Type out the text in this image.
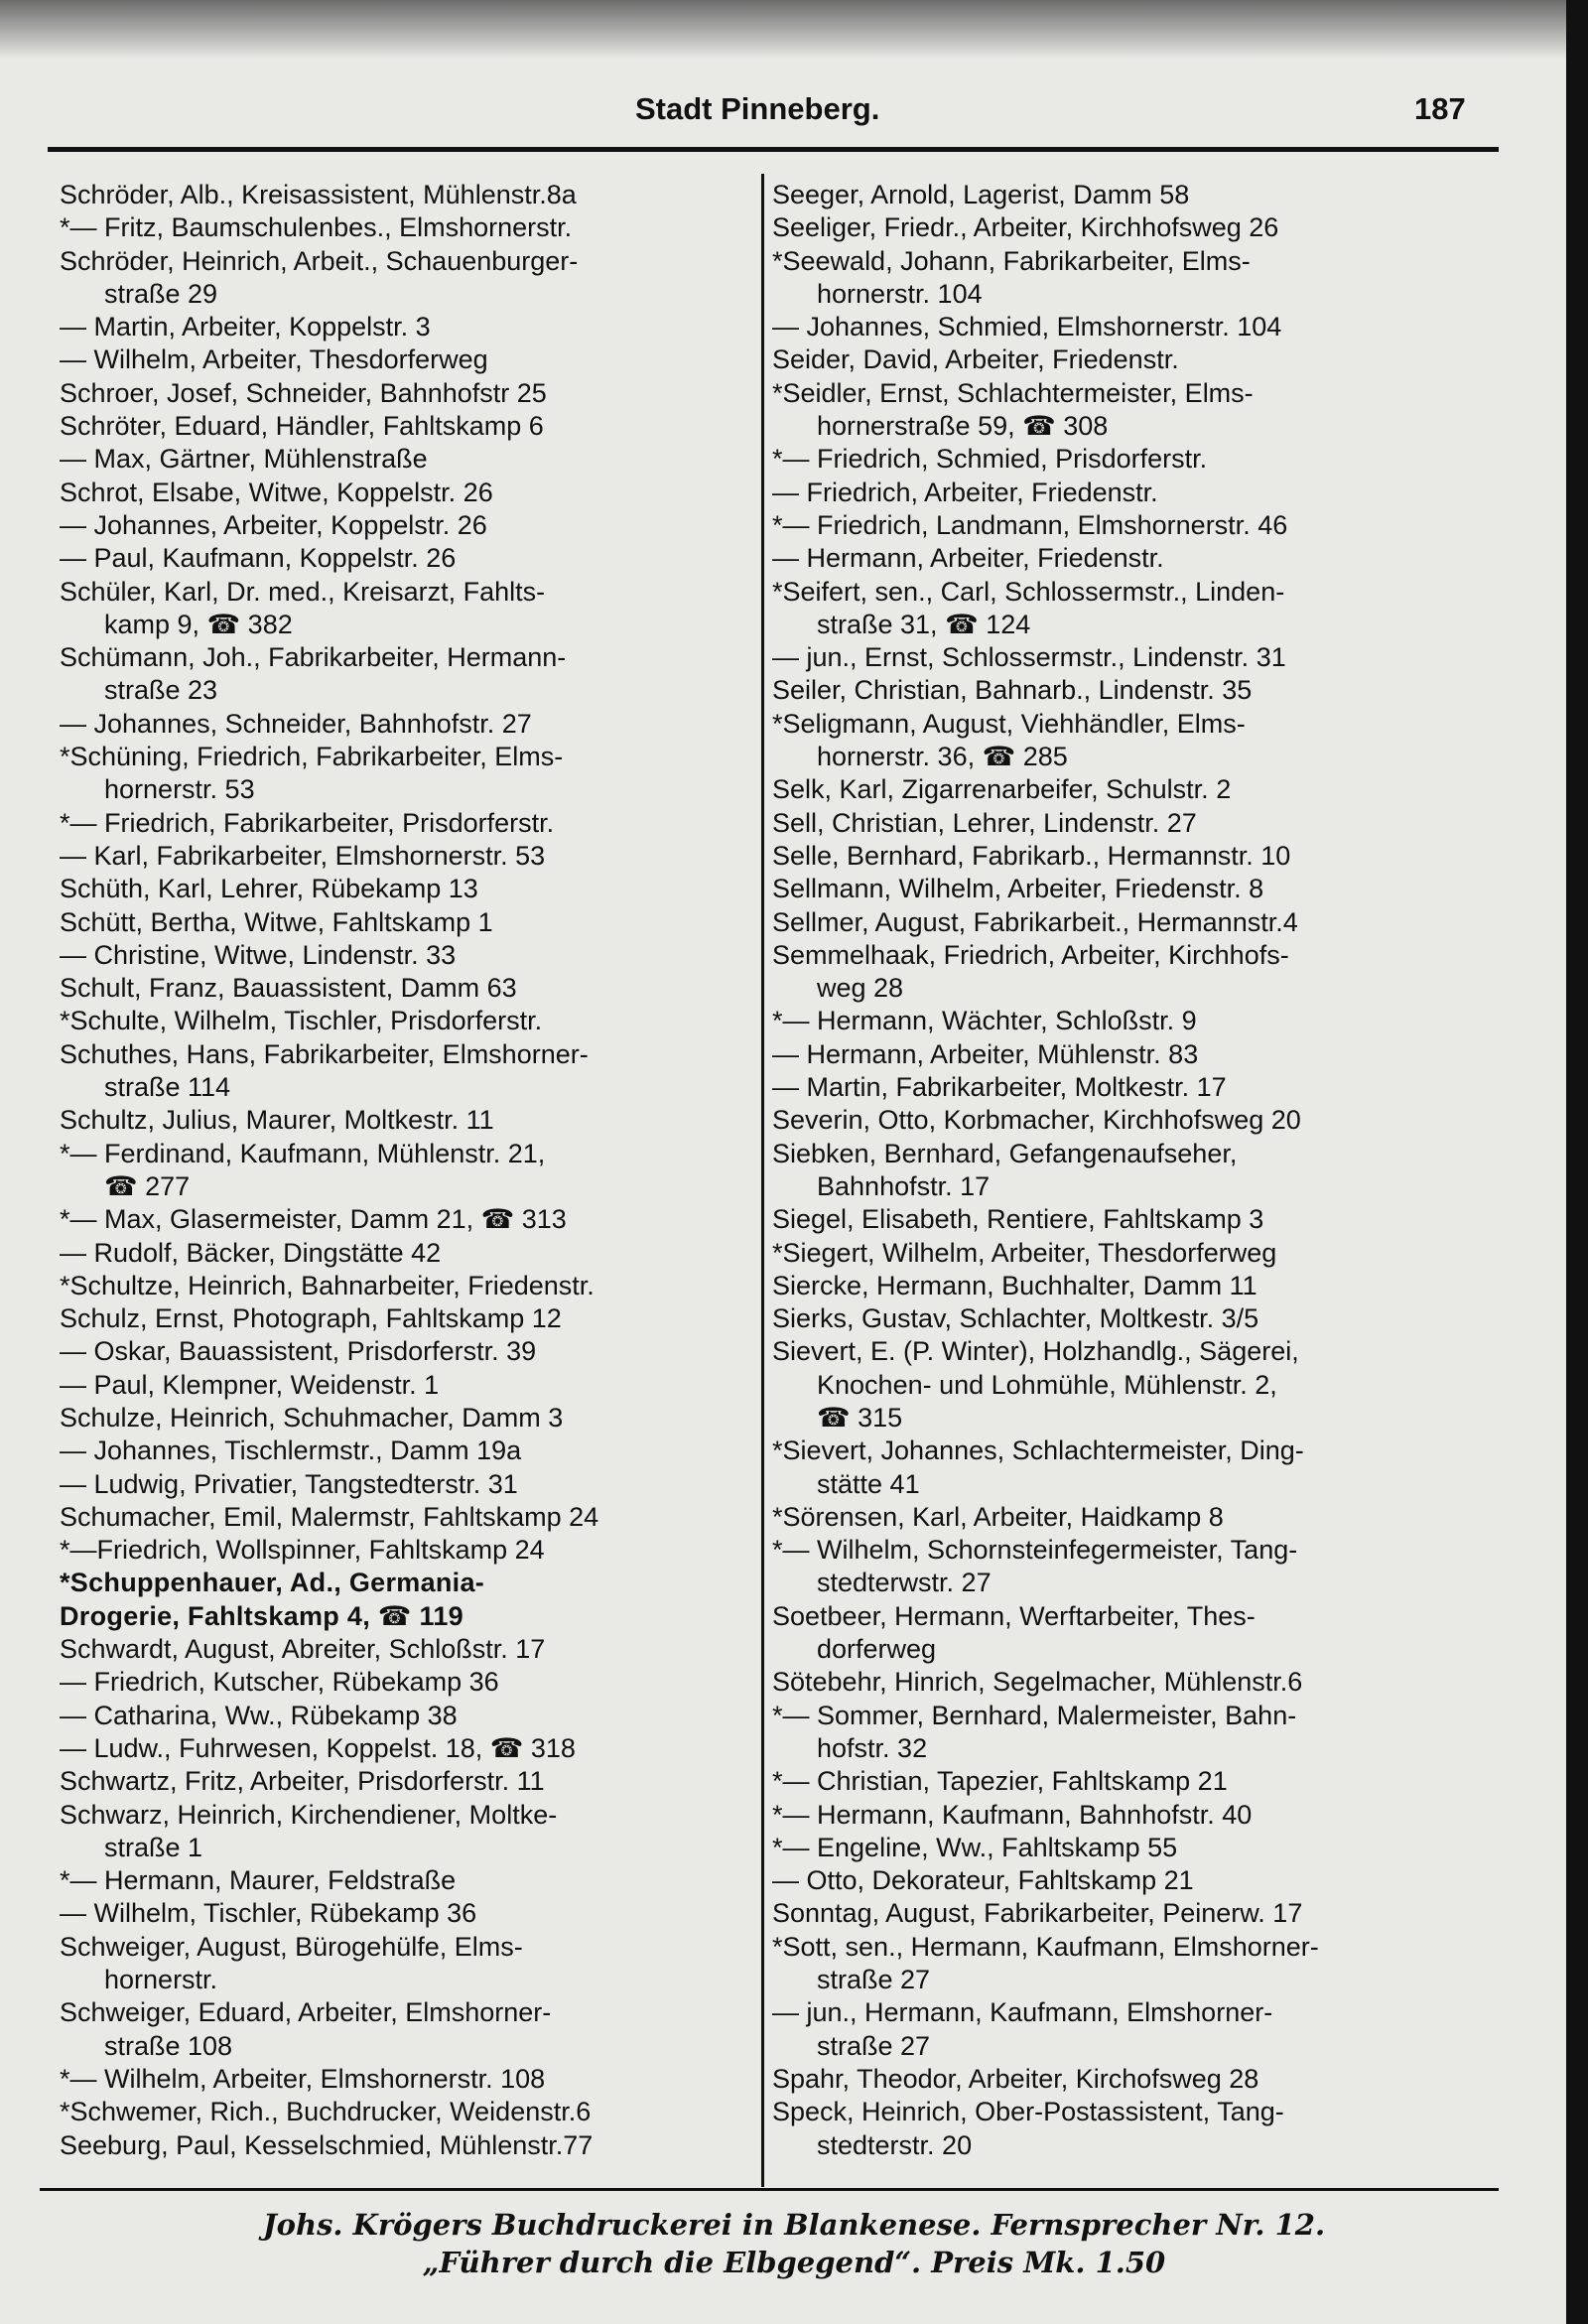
Stadt Pinneberg.	187
Schröder, Alb., Kreisassistent, Mühlenstr.8a
*— Fritz, Baumschulenbes., Elmshornerstr.
Schröder, Heinrich, Arbeit., Schauenburger-
straße 29
— Martin, Arbeiter, Koppelstr. 3
— Wilhelm, Arbeiter, Thesdorferweg
Schroer, Josef, Schneider, Bahnhofstr 25
Schröter, Eduard, Händler, Fahltskamp 6
— Max, Gärtner, Mühlenstraße
Schrot, Elsabe, Witwe, Koppelstr. 26
— Johannes, Arbeiter, Koppelstr. 26
— Paul, Kaufmann, Koppelstr. 26
Schüler, Karl, Dr. med., Kreisarzt, Fahlts-
kamp 9, ☎ 382
Schümann, Joh., Fabrikarbeiter, Hermann-
straße 23
— Johannes, Schneider, Bahnhofstr. 27
*Schüning, Friedrich, Fabrikarbeiter, Elms-
hornerstr. 53
*— Friedrich, Fabrikarbeiter, Prisdorferstr.
— Karl, Fabrikarbeiter, Elmshornerstr. 53
Schüth, Karl, Lehrer, Rübekamp 13
Schütt, Bertha, Witwe, Fahltskamp 1
— Christine, Witwe, Lindenstr. 33
Schult, Franz, Bauassistent, Damm 63
*Schulte, Wilhelm, Tischler, Prisdorferstr.
Schuthes, Hans, Fabrikarbeiter, Elmshorner-
straße 114
Schultz, Julius, Maurer, Moltkestr. 11
*— Ferdinand, Kaufmann, Mühlenstr. 21,
☎ 277
*— Max, Glasermeister, Damm 21, ☎ 313
— Rudolf, Bäcker, Dingstätte 42
*Schultze, Heinrich, Bahnarbeiter, Friedenstr.
Schulz, Ernst, Photograph, Fahltskamp 12
— Oskar, Bauassistent, Prisdorferstr. 39
— Paul, Klempner, Weidenstr. 1
Schulze, Heinrich, Schuhmacher, Damm 3
— Johannes, Tischlermstr., Damm 19a
— Ludwig, Privatier, Tangstedterstr. 31
Schumacher, Emil, Malermstr, Fahltskamp 24
*—Friedrich, Wollspinner, Fahltskamp 24
*Schuppenhauer, Ad., Germania-
Drogerie, Fahltskamp 4, ☎ 119
Schwardt, August, Abreiter, Schloßstr. 17
— Friedrich, Kutscher, Rübekamp 36
— Catharina, Ww., Rübekamp 38
— Ludw., Fuhrwesen, Koppelst. 18, ☎ 318
Schwartz, Fritz, Arbeiter, Prisdorferstr. 11
Schwarz, Heinrich, Kirchendiener, Moltke-
straße 1
*— Hermann, Maurer, Feldstraße
— Wilhelm, Tischler, Rübekamp 36
Schweiger, August, Bürogehülfe, Elms-
hornerstr.
Schweiger, Eduard, Arbeiter, Elmshorner-
straße 108
*— Wilhelm, Arbeiter, Elmshornerstr. 108
*Schwemer, Rich., Buchdrucker, Weidenstr.6
Seeburg, Paul, Kesselschmied, Mühlenstr.77
Seeger, Arnold, Lagerist, Damm 58
Seeliger, Friedr., Arbeiter, Kirchhofsweg 26
*Seewald, Johann, Fabrikarbeiter, Elms-
hornerstr. 104
— Johannes, Schmied, Elmshornerstr. 104
Seider, David, Arbeiter, Friedenstr.
*Seidler, Ernst, Schlachtermeister, Elms-
hornerstraße 59, ☎ 308
*— Friedrich, Schmied, Prisdorferstr.
— Friedrich, Arbeiter, Friedenstr.
*— Friedrich, Landmann, Elmshornerstr. 46
— Hermann, Arbeiter, Friedenstr.
*Seifert, sen., Carl, Schlossermstr., Linden-
straße 31, ☎ 124
— jun., Ernst, Schlossermstr., Lindenstr. 31
Seiler, Christian, Bahnarb., Lindenstr. 35
*Seligmann, August, Viehhändler, Elms-
hornerstr. 36, ☎ 285
Selk, Karl, Zigarrenarbeifer, Schulstr. 2
Sell, Christian, Lehrer, Lindenstr. 27
Selle, Bernhard, Fabrikarb., Hermannstr. 10
Sellmann, Wilhelm, Arbeiter, Friedenstr. 8
Sellmer, August, Fabrikarbeit., Hermannstr.4
Semmelhaak, Friedrich, Arbeiter, Kirchhofs-
weg 28
*— Hermann, Wächter, Schloßstr. 9
— Hermann, Arbeiter, Mühlenstr. 83
— Martin, Fabrikarbeiter, Moltkestr. 17
Severin, Otto, Korbmacher, Kirchhofsweg 20
Siebken, Bernhard, Gefangenaufseher,
Bahnhofstr. 17
Siegel, Elisabeth, Rentiere, Fahltskamp 3
*Siegert, Wilhelm, Arbeiter, Thesdorferweg
Siercke, Hermann, Buchhalter, Damm 11
Sierks, Gustav, Schlachter, Moltkestr. 3/5
Sievert, E. (P. Winter), Holzhandlg., Sägerei,
Knochen- und Lohmühle, Mühlenstr. 2,
☎ 315
*Sievert, Johannes, Schlachtermeister, Ding-
stätte 41
*Sörensen, Karl, Arbeiter, Haidkamp 8
*— Wilhelm, Schornsteinfegermeister, Tang-
stedterwstr. 27
Soetbeer, Hermann, Werftarbeiter, Thes-
dorferweg
Sötebehr, Hinrich, Segelmacher, Mühlenstr.6
*— Sommer, Bernhard, Malermeister, Bahn-
hofstr. 32
*— Christian, Tapezier, Fahltskamp 21
*— Hermann, Kaufmann, Bahnhofstr. 40
*— Engeline, Ww., Fahltskamp 55
— Otto, Dekorateur, Fahltskamp 21
Sonntag, August, Fabrikarbeiter, Peinerw. 17
*Sott, sen., Hermann, Kaufmann, Elmshorner-
straße 27
— jun., Hermann, Kaufmann, Elmshorner-
straße 27
Spahr, Theodor, Arbeiter, Kirchofsweg 28
Speck, Heinrich, Ober-Postassistent, Tang-
stedterstr. 20
Johs. Krögers Buchdruckerei in Blankenese. Fernsprecher Nr. 12.
„Führer durch die Elbgegend“. Preis Mk. 1.50
